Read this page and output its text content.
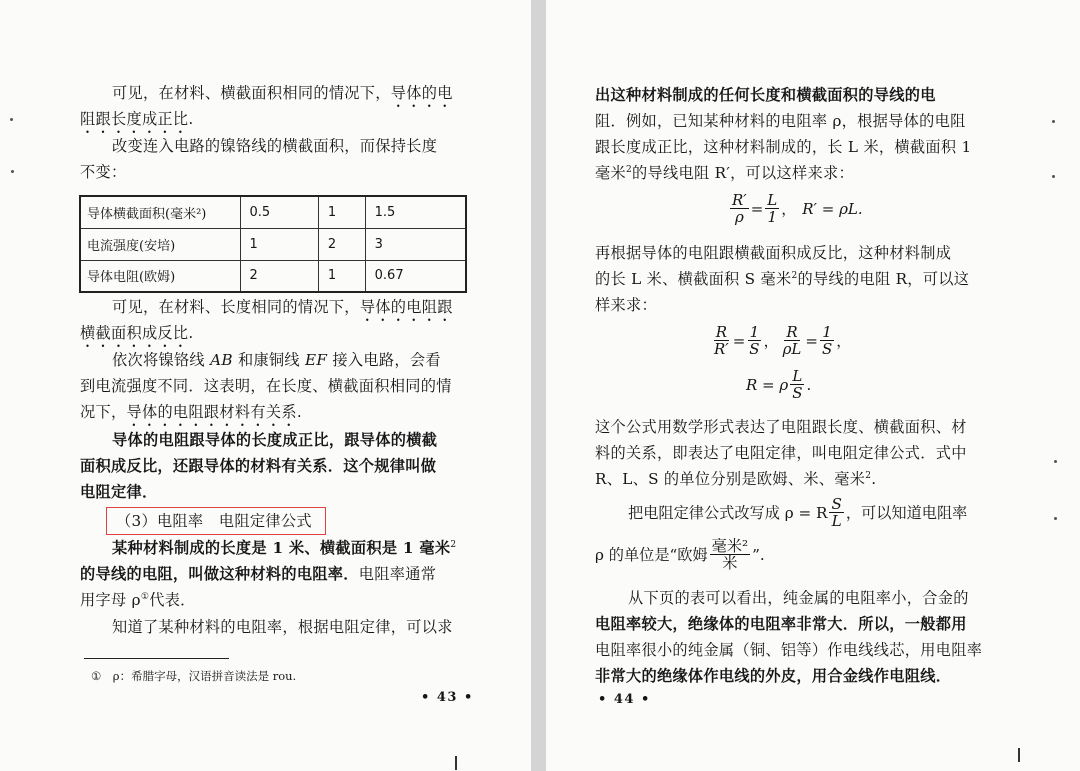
可见，在材料、横截面积相同的情况下，导体的电
阻跟长度成正比.
改变连入电路的镍铬线的横截面积，而保持长度
不变：
导体横截面积(毫米²)	0.5	1	1.5
电流强度(安培)	1	2	3
导体电阻(欧姆)	2	1	0.67
可见，在材料、长度相同的情况下，导体的电阻跟
横截面积成反比.
依次将镍铬线 AB 和康铜线 EF 接入电路，会看
到电流强度不同．这表明，在长度、横截面积相同的情
况下，导体的电阻跟材料有关系.
导体的电阻跟导体的长度成正比，跟导体的横截
面积成反比，还跟导体的材料有关系．这个规律叫做
电阻定律．
（3）电阻率　电阻定律公式
某种材料制成的长度是 1 米、横截面积是 1 毫米$^2$
的导线的电阻，叫做这种材料的电阻率．电阻率通常
用字母 ρ①代表．
知道了某种材料的电阻率，根据电阻定律，可以求
①　ρ：希腊字母，汉语拼音读法是 rou.
• 43 •
出这种材料制成的任何长度和横截面积的导线的电
阻．例如，已知某种材料的电阻率 ρ，根据导体的电阻
跟长度成正比，这种材料制成的，长 L 米，横截面积 1
毫米$^2$的导线电阻 R′，可以这样来求：
$\frac{R'}{\rho} = \frac{L}{1}$ ， R′ = ρL.
再根据导体的电阻跟横截面积成反比，这种材料制成
的长 L 米、横截面积 S 毫米$^2$的导线的电阻 R，可以这
样来求：
$\frac{R}{R'} = \frac{1}{S}$ ， $\frac{R}{\rho L} = \frac{1}{S}$ ，
R = ρ $\frac{L}{S}$ .
这个公式用数学形式表达了电阻跟长度、横截面积、材
料的关系，即表达了电阻定律，叫电阻定律公式．式中
R、L、S 的单位分别是欧姆、米、毫米$^2$.
把电阻定律公式改写成 ρ = R $\frac{S}{L}$ ，可以知道电阻率
ρ 的单位是“欧姆 $\frac{\text{毫米²}}{\text{米}}$ ”.
从下页的表可以看出，纯金属的电阻率小，合金的
电阻率较大，绝缘体的电阻率非常大．所以，一般都用
电阻率很小的纯金属（铜、铝等）作电线线芯，用电阻率
非常大的绝缘体作电线的外皮，用合金线作电阻线．
• 44 •
